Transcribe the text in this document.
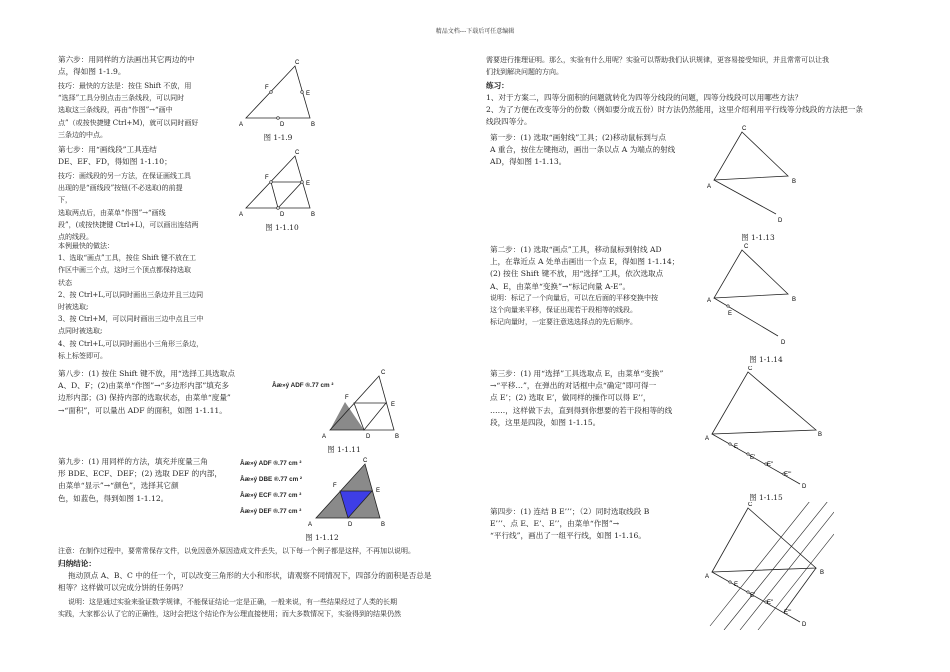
精品文档---下载后可任意编辑

第六步：用同样的方法画出其它两边的中

点，得如图 1-1.9。

技巧：最快的方法是：按住 Shift 不放，用

“选择”工具分别点击三条线段，可以同时

选取这三条线段，再由“作图”→“画中

点”（或按快捷键 Ctrl+M)，就可以同时画好

三条边的中点。

A	B
C
D
E
F
图 1-1.9

第七步：用“画线段”工具连结

DE、EF、FD，得如图 1-1.10；

技巧：画线段的另一方法，在保证画线工具

出现的是“画线段”按钮(不必选取)的前提

下，

选取两点后，由菜单“作图”→“画线

段”，(或按快捷键 Ctrl+L)，可以画出连结两

点的线段。

A	B
C
D
E
F
图 1-1.10

本例最快的做法：

1、选取“画点”工具，按住 Shift 键不放在工

作区中画三个点，这时三个顶点都保持选取

状态

2、按 Ctrl+L,可以同时画出三条边并且三边同

时被选取;

3、按 Ctrl+M，可以同时画出三边中点且三中

点同时被选取;

4、按 Ctrl+L,可以同时画出小三角形三条边，

标上标签即可。

第八步：(1) 按住 Shift 键不放，用“选择工具选取点

A、D、F；(2)由菜单“作图”→“多边形内部”填充多

边形内部；(3) 保持内部的选取状态，由菜单“度量”

→“面积”，可以量出 ADF 的面积，如图 1-1.11。

Âæ»ý ADF ®.77 cm ²
A	B
C
D
E
F
图 1-1.11

第九步：(1) 用同样的方法，填充并度量三角

形 BDE、ECF、DEF；(2) 选取 DEF 的内部，

由菜单“显示”→“颜色”，选择其它颜

色，如蓝色，得到如图 1-1.12。

Âæ»ý ADF ®.77 cm ²
Âæ»ý DBE ®.77 cm ²
Âæ»ý ECF ®.77 cm ²
Âæ»ý DEF ®.77 cm ²
A	B
C
D
E
F
图 1-1.12
注意：在制作过程中，要常常保存文件，以免因意外原因造成文件丢失，以下每一个例子都是这样，不再加以说明。
归纳结论：

拖动顶点 A、B、C 中的任一个，可以改变三角形的大小和形状，请观察不同情况下，四部分的面积是否总是

相等？这样做可以完成分饼的任务吗？

说明：这是通过实验来验证数学规律，不能保证结论一定是正确，一般来说，有一些结果经过了人类的长期

实践，大家都公认了它的正确性，这时会把这个结论作为公理直接使用；而大多数情况下，实验得到的结果仍然

需要进行推理证明。那么，实验有什么用呢？实验可以帮助我们认识规律，更容易接受知识，并且常常可以让我

们找到解决问题的方向。

练习：

1、对于方案二，四等分面积的问题就转化为四等分线段的问题，四等分线段可以用哪些方法？

2、为了方便在改变等分的份数（例如要分成五份）时方法仍然能用，这里介绍利用平行线等分线段的方法把一条

线段四等分。

第一步：(1) 选取“画射线”工具；(2)移动鼠标到与点

A 重合，按住左键拖动，画出一条以点 A 为端点的射线

AD，得如图 1-1.13。

A
B
C
D
图 1-1.13

第二步：(1) 选取“画点”工具，移动鼠标到射线 AD

上，在靠近点 A 处单击画出一个点 E，得如图 1-1.14；

(2) 按住 Shift 键不放，用“选择”工具，依次选取点

A、E，由菜单“变换”→“标记向量 A-E”。

说明：标记了一个向量后，可以在后面的平移变换中按

这个向量来平移，保证出现若干段相等的线段。

标记向量时，一定要注意选选择点的先后顺序。

A	B
C
E
D
图 1-1.14

第三步：(1) 用“选择”工具选取点 E，由菜单“变换”

→“平移…”，在弹出的对话框中点“确定”即可得一

点 E’；(2) 选取 E’，做同样的操作可以得 E’’，

……，这样做下去，直到得到你想要的若干段相等的线

段，这里是四段，如图 1-1.15。

A
B
C
E
E'
E''
E'''
D
图 1-1.15

第四步：(1) 连结 B E’’’；（2）同时选取线段 B

E’’’、点 E、E’、E’’，由菜单“作图”→

“平行线”，画出了一组平行线，如图 1-1.16。

A
B
C
E
E'
E''
E'''
D
